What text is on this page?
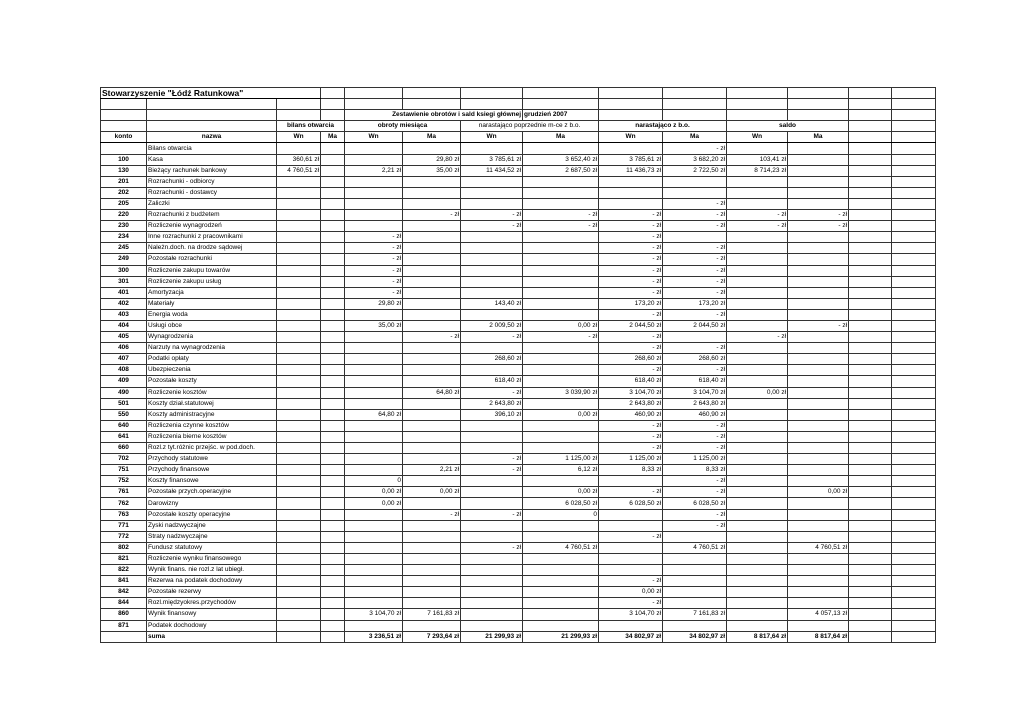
Stowarzyszenie "Łódź Ratunkowa"													

				Zestawienie obrotów i sald ksiegi głównej			grudzień 2007						
		bilans otwarcia		obroty miesiąca		narastająco poprzednie m-ce z b.o.		narastająco z b.o.		saldo			
konto	nazwa	Wn	Ma	Wn	Ma	Wn	Ma	Wn	Ma	Wn	Ma		
	Bilans otwarcia								- zł				
100	Kasa	360,61 zł			29,80 zł	3 785,61 zł	3 652,40 zł	3 785,61 zł	3 682,20 zł	103,41 zł			
130	Bieżący rachunek bankowy	4 760,51 zł		2,21 zł	35,00 zł	11 434,52 zł	2 687,50 zł	11 436,73 zł	2 722,50 zł	8 714,23 zł			
201	Rozrachunki - odbiorcy												
202	Rozrachunki - dostawcy												
205	Zaliczki								- zł				
220	Rozrachunki z budżetem				- zł	- zł	- zł	- zł	- zł	- zł	- zł		
230	Rozliczenie wynagrodzeń					- zł	- zł	- zł	- zł	- zł	- zł		
234	Inne rozrachunki z pracownikami			- zł				- zł					
245	Należn.doch. na drodze sądowej			- zł				- zł	- zł				
249	Pozostałe rozrachunki			- zł				- zł	- zł				
300	Rozliczenie zakupu towarów			- zł				- zł	- zł				
301	Rozliczenie zakupu usług			- zł				- zł	- zł				
401	Amortyzacja			- zł				- zł	- zł				
402	Materiały			29,80 zł		143,40 zł		173,20 zł	173,20 zł				
403	Energia woda							- zł	- zł				
404	Usługi obce			35,00 zł		2 009,50 zł	0,00 zł	2 044,50 zł	2 044,50 zł		- zł		
405	Wynagrodzenia				- zł	- zł	- zł	- zł		- zł			
406	Narzuty na wynagrodzenia							- zł	- zł				
407	Podatki opłaty					268,60 zł		268,60 zł	268,60 zł				
408	Ubezpieczenia							- zł	- zł				
409	Pozostałe koszty					618,40 zł		618,40 zł	618,40 zł				
490	Rozliczenie kosztów				64,80 zł	- zł	3 039,90 zł	3 104,70 zł	3 104,70 zł	0,00 zł			
501	Koszty dział.statutowej					2 643,80 zł		2 643,80 zł	2 643,80 zł				
550	Koszty administracyjne			64,80 zł		396,10 zł	0,00 zł	460,90 zł	460,90 zł				
640	Rozliczenia czynne kosztów							- zł	- zł				
641	Rozliczenia bierne kosztów							- zł	- zł				
660	Rozl.z tyt.różnic przejśc. w pod.doch.							- zł	- zł				
702	Przychody statutowe					- zł	1 125,00 zł	1 125,00 zł	1 125,00 zł				
751	Przychody finansowe				2,21 zł	- zł	6,12 zł	8,33 zł	8,33 zł				
752	Koszty finansowe			0					- zł				
761	Pozostałe przych.operacyjne			0,00 zł	0,00 zł		0,00 zł	- zł	- zł		0,00 zł		
762	Darowizny			0,00 zł			6 028,50 zł	6 028,50 zł	6 028,50 zł				
763	Pozostałe koszty operacyjne				- zł	- zł	0		- zł				
771	Zyski nadzwyczajne								- zł				
772	Straty nadzwyczajne							- zł					
802	Fundusz statutowy					- zł	4 760,51 zł		4 760,51 zł		4 760,51 zł		
821	Rozliczenie wyniku finansowego												
822	Wynik finans. nie rozl.z lat ubiegł.												
841	Rezerwa na podatek dochodowy							- zł					
842	Pozostałe rezerwy							0,00 zł					
844	Rozl.międzyokres.przychodów							- zł					
860	Wynik finansowy			3 104,70 zł	7 161,83 zł			3 104,70 zł	7 161,83 zł		4 057,13 zł		
871	Podatek dochodowy												
	suma			3 236,51 zł	7 293,64 zł	21 299,93 zł	21 299,93 zł	34 802,97 zł	34 802,97 zł	8 817,64 zł	8 817,64 zł		
